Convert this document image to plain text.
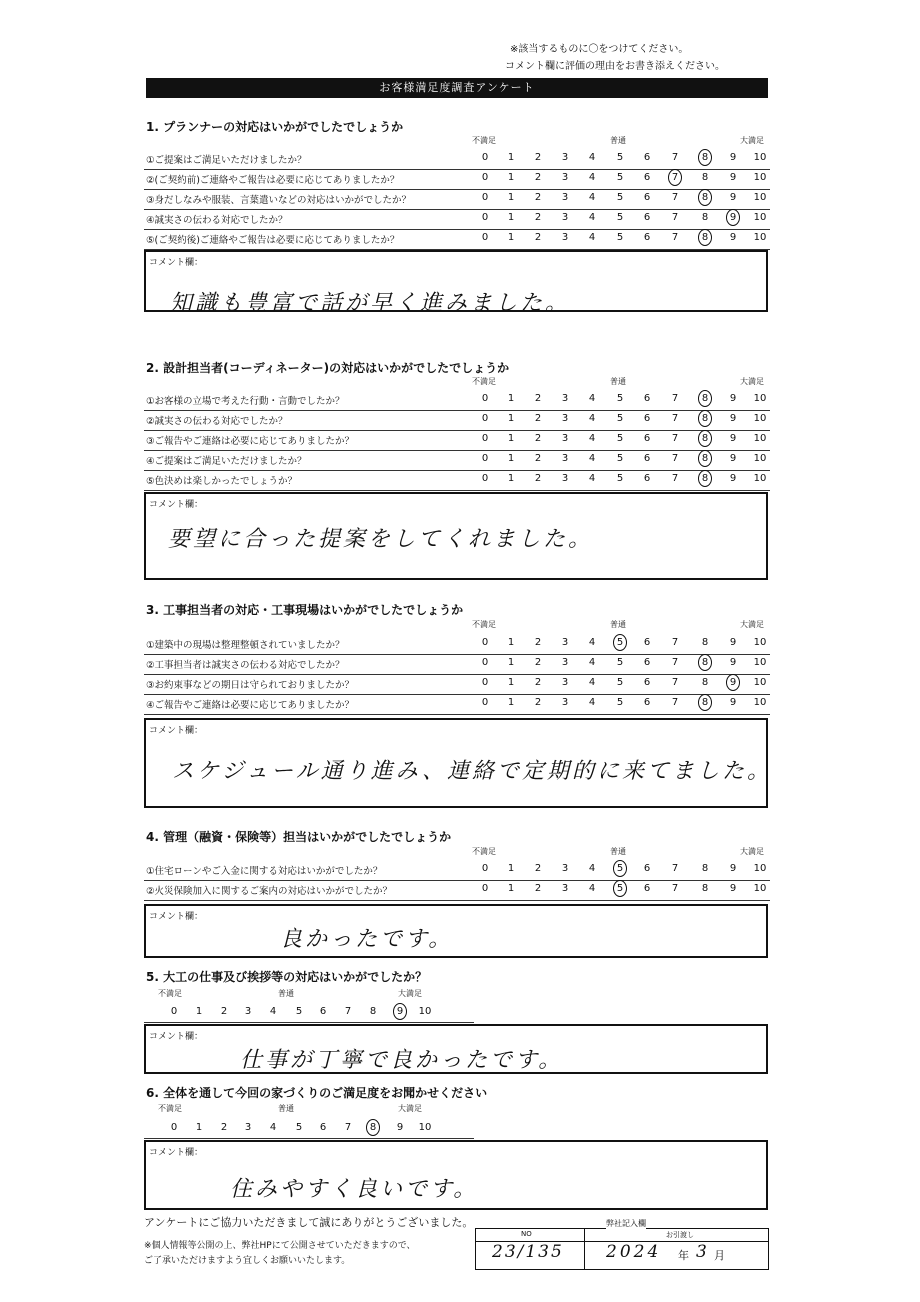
※該当するものに〇をつけてください。
コメント欄に評価の理由をお書き添えください。
お客様満足度調査アンケート
1. プランナーの対応はいかがでしたでしょうか
不満足	普通	大満足
①ご提案はご満足いただけましたか？	0	1	2	3	4	5	6	7	8	9	10
②(ご契約前)ご連絡やご報告は必要に応じてありましたか？	0	1	2	3	4	5	6	7	8	9	10
③身だしなみや服装、言葉遣いなどの対応はいかがでしたか？	0	1	2	3	4	5	6	7	8	9	10
④誠実さの伝わる対応でしたか？	0	1	2	3	4	5	6	7	8	9	10
⑤(ご契約後)ご連絡やご報告は必要に応じてありましたか？	0	1	2	3	4	5	6	7	8	9	10
コメント欄：
知識も豊富で話が早く進みました。
2. 設計担当者(コーディネーター)の対応はいかがでしたでしょうか
不満足	普通	大満足
①お客様の立場で考えた行動・言動でしたか？	0	1	2	3	4	5	6	7	8	9	10
②誠実さの伝わる対応でしたか？	0	1	2	3	4	5	6	7	8	9	10
③ご報告やご連絡は必要に応じてありましたか？	0	1	2	3	4	5	6	7	8	9	10
④ご提案はご満足いただけましたか？	0	1	2	3	4	5	6	7	8	9	10
⑤色決めは楽しかったでしょうか？	0	1	2	3	4	5	6	7	8	9	10
コメント欄：
要望に合った提案をしてくれました。
3. 工事担当者の対応・工事現場はいかがでしたでしょうか
不満足	普通	大満足
①建築中の現場は整理整頓されていましたか？	0	1	2	3	4	5	6	7	8	9	10
②工事担当者は誠実さの伝わる対応でしたか？	0	1	2	3	4	5	6	7	8	9	10
③お約束事などの期日は守られておりましたか？	0	1	2	3	4	5	6	7	8	9	10
④ご報告やご連絡は必要に応じてありましたか？	0	1	2	3	4	5	6	7	8	9	10
コメント欄：
スケジュール通り進み、連絡で定期的に来てました。
4. 管理（融資・保険等）担当はいかがでしたでしょうか
不満足	普通	大満足
①住宅ローンやご入金に関する対応はいかがでしたか？	0	1	2	3	4	5	6	7	8	9	10
②火災保険加入に関するご案内の対応はいかがでしたか？	0	1	2	3	4	5	6	7	8	9	10
コメント欄：
良かったです。
5. 大工の仕事及び挨拶等の対応はいかがでしたか？
不満足	普通	大満足
0	1	2	3	4	5	6	7	8	9	10
コメント欄：
仕事が丁寧で良かったです。
6. 全体を通して今回の家づくりのご満足度をお聞かせください
不満足	普通	大満足
0	1	2	3	4	5	6	7	8	9	10
コメント欄：
住みやすく良いです。
アンケートにご協力いただきまして誠にありがとうございました。
※個人情報等公開の上、弊社HPにて公開させていただきますので、
ご了承いただけますよう宜しくお願いいたします。
弊社記入欄
NO	お引渡し
23/135 2024 年 3 月
